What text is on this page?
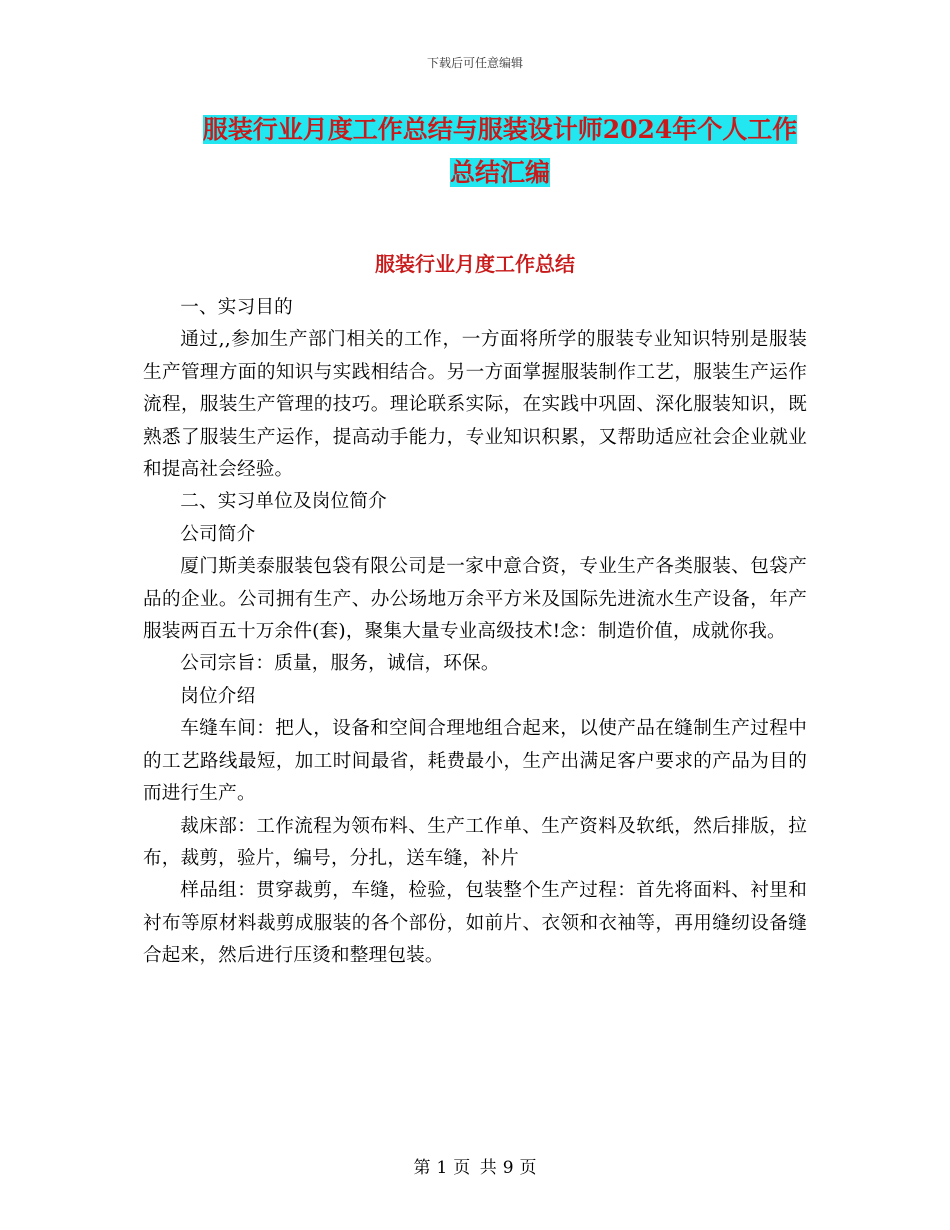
下载后可任意编辑
服装行业月度工作总结与服装设计师2024年个人工作
总结汇编
服装行业月度工作总结

一、实习目的

通过,,参加生产部门相关的工作，一方面将所学的服装专业知识特别是服装生产管理方面的知识与实践相结合。另一方面掌握服装制作工艺，服装生产运作流程，服装生产管理的技巧。理论联系实际，在实践中巩固、深化服装知识，既熟悉了服装生产运作，提高动手能力，专业知识积累，又帮助适应社会企业就业和提高社会经验。

二、实习单位及岗位简介

公司简介

厦门斯美泰服装包袋有限公司是一家中意合资，专业生产各类服装、包袋产品的企业。公司拥有生产、办公场地万余平方米及国际先进流水生产设备，年产服装两百五十万余件(套)，聚集大量专业高级技术!念：制造价值，成就你我。

公司宗旨：质量，服务，诚信，环保。

岗位介绍

车缝车间：把人，设备和空间合理地组合起来，以使产品在缝制生产过程中的工艺路线最短，加工时间最省，耗费最小，生产出满足客户要求的产品为目的而进行生产。

裁床部：工作流程为领布料、生产工作单、生产资料及软纸，然后排版，拉布，裁剪，验片，编号，分扎，送车缝，补片

样品组：贯穿裁剪，车缝，检验，包装整个生产过程：首先将面料、衬里和衬布等原材料裁剪成服装的各个部份，如前片、衣领和衣袖等，再用缝纫设备缝合起来，然后进行压烫和整理包装。

第 1 页 共 9 页
